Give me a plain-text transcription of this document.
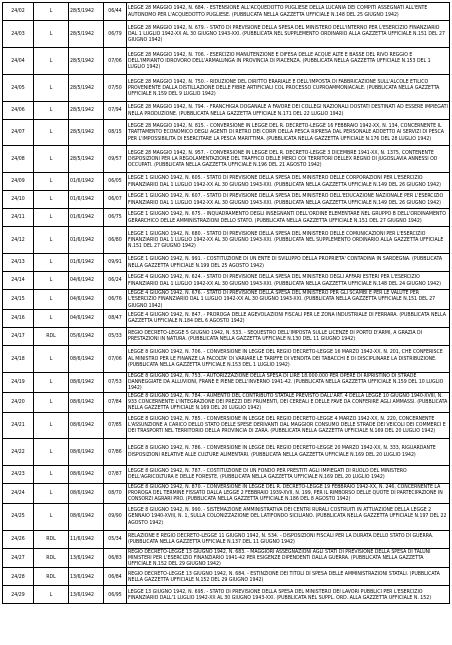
24/02	L	28/5/1942	06/44	LEGGE 28 MAGGIO 1942, N. 684. - ESTENSIONE ALL'ACQUEDOTTO PUGLIESE DELLA LUCANIA DEI COMPITI ASSEGNATI ALL'ENTE AUTONOMO PER L'ACQUEDOTTO PUGLIESE. (PUBBLICATA NELLA GAZZETTA UFFICIALE N.148 DEL 25 GIUGNO 1942)
24/03	L	28/5/1942	06/79	LEGGE 28 MAGGIO 1942, N. 679. - STATO DI PREVISIONE DELLA SPESA DEL MINISTERO DELL'INTERNO PER L'ESERCIZIO FINANZIARIO DAL 1 LUGLIO 1942-XX AL 30 GIUGNO 1943-XXI. (PUBBLICATA NEL SUPPLEMENTO ORDINARIO ALLA GAZZETTA UFFICIALE N.151 DEL 27 GIUGNO 1942)
24/04	L	28/5/1942	07/06	LEGGE 28 MAGGIO 1942, N. 706. - ESERCIZIO MANUTENZIONE E DIFESA DELLE ACQUE ALTE E BASSE DEL RIVO REGGIO E DELL'IMPIANTO IDROVORO DELL'ARMALUNGA IN PROVINCIA DI PIACENZA. (PUBBLICATA NELLA GAZZETTA UFFICIALE N.153 DEL 1 LUGLIO 1942)
24/05	L	28/5/1942	07/50	LEGGE 28 MAGGIO 1942, N. 750. - RIDUZIONE DEL DIRITTO ERARIALE E DELL'IMPOSTA DI FABBRICAZIONE SULL'ALCOLE ETILICO PROVENIENTE DALLA DISTILLAZIONE DELLE FIBRE ARTIFICIALI COL PROCESSO CUPROAMMONIACALE. (PUBBLICATA NELLA GAZZETTA UFFICIALE N.159 DEL 9 LUGLIO 1942)
24/06	L	28/5/1942	07/94	LEGGE 28 MAGGIO 1942, N. 794. - FRANCHIGIA DOGANALE A FAVORE DEI COLLEGI NAZIONALI DOSTATI DESTINATI AD ESSERE IMPIEGATI NELLA PRODUZIONE. (PUBBLICATA NELLA GAZZETTA UFFICIALE N.171 DEL 22 LUGLIO 1942)
24/07	L	28/5/1942	08/15	LEGGE 28 MAGGIO 1942, N. 815. - CONVERSIONE IN LEGGE DEL R. DECRETO-LEGGE 16 FEBBRAIO 1942-XX, N. 134, CONCERNENTE IL TRATTAMENTO ECONOMICO DEGLI AGENTI DI RETRO DEI CORPI DELLA PESCA RIPRESA DAL PERSONALE ADDETTO AI SERVIZI DI PESCA PER L'IMPOSSIBILITA DI ESERCITARE LA PESCA MARITTIMA. (PUBBLICATA NELLA GAZZETTA UFFICIALE N.176 DEL 28 LUGLIO 1942)
24/08	L	28/5/1942	09/57	LEGGE 28 MAGGIO 1942, N. 957. - CONVERSIONE IN LEGGE DEL R. DECRETO-LEGGE 3 DICEMBRE 1941-XX, N. 1375, CONTENENTE DISPOSIZIONI PER LA REGOLAMENTAZIONE DEL TRAFFICO DELLE MERCI COI TERRITORI DELLEX REGNO DI JUGOSLAVIA ANNESSI OD OCCUPATI. (PUBBLICATA NELLA GAZZETTA UFFICIALE N.196 DEL 21 AGOSTO 1942)
24/09	L	01/6/1942	06/05	LEGGE 1 GIUGNO 1942, N. 605. - STATO DI PREVISIONE DELLA SPESA DEL MINISTERO DELLE CORPORAZIONI PER L'ESERCIZIO FINANZIARIO DAL 1 LUGLIO 1942-XX AL 30 GIUGNO 1943-XXI. (PUBBLICATA NELLA GAZZETTA UFFICIALE N.149 DEL 26 GIUGNO 1942)
24/10	L	01/6/1942	06/07	LEGGE 1 GIUGNO 1942, N. 607. - STATO DI PREVISIONE DELLA SPESA DEL MINISTERO DELL'EDUCAZIONE NAZIONALE PER L'ESERCIZIO FINANZIARIO DAL 1 LUGLIO 1942-XX AL 30 GIUGNO 1943-XXI. (PUBBLICATA NELLA GAZZETTA UFFICIALE N.149 DEL 26 GIUGNO 1942)
24/11	L	01/6/1942	06/75	LEGGE 1 GIUGNO 1942, N. 675. - INQUADRAMENTO DEGLI INSEGNANTI DELL'ORDINE ELEMENTARE NEL GRUPPO B DELL'ORDINAMENTO GERARCHICO DELLE AMMINISTRAZIONI DELLO STATO. (PUBBLICATA NELLA GAZZETTA UFFICIALE N.151 DEL 27 GIUGNO 1942)
24/12	L	01/6/1942	06/80	LEGGE 1 GIUGNO 1942, N. 680. - STATO DI PREVISIONE DELLA SPESA DEL MINISTERO DELLE COMUNICAZIONI PER L'ESERCIZIO FINANZIARIO DAL 1 LUGLIO 1942-XX AL 30 GIUGNO 1943-XXI. (PUBBLICATA NEL SUPPLEMENTO ORDINARIO ALLA GAZZETTA UFFICIALE N.151 DEL 27 GIUGNO 1942)
24/13	L	01/6/1942	09/91	LEGGE 1 GIUGNO 1942, N. 991. - COSTITUZIONE DI UN ENTE DI SVILUPPO DELLA PROPRIETA' CONTADINA IN SARDEGNA. (PUBBLICATA NELLA GAZZETTA UFFICIALE N.199 DEL 25 AGOSTO 1942)
24/14	L	04/6/1942	06/24	LEGGE 4 GIUGNO 1942, N. 624. - STATO DI PREVISIONE DELLA SPESA DEL MINISTERO DEGLI AFFARI ESTERI PER L'ESERCIZIO FINANZIARIO DAL 1 LUGLIO 1942-XX AL 30 GIUGNO 1943-XXI. (PUBBLICATA NELLA GAZZETTA UFFICIALE N.148 DEL 24 GIUGNO 1942)
24/15	L	04/6/1942	06/76	LEGGE 4 GIUGNO 1942, N. 676. - STATO DI PREVISIONE DELLA SPESA DEL MINISTERO PER GLI SCAMBI E PER LE VALUTE PER L'ESERCIZIO FINANZIARIO DAL 1 LUGLIO 1942-XX AL 30 GIUGNO 1943-XXI. (PUBBLICATA NELLA GAZZETTA UFFICIALE N.151 DEL 27 GIUGNO 1942)
24/16	L	04/6/1942	08/47	LEGGE 4 GIUGNO 1942, N. 847. - PROROGA DELLE AGEVOLAZIONI FISCALI PER LE ZONA INDUSTRIALE DI FERRARA. (PUBBLICATA NELLA GAZZETTA UFFICIALE N.184 DEL 6 AGOSTO 1942)
24/17	RDL	05/6/1942	05/33	REGIO DECRETO-LEGGE 5 GIUGNO 1942, N. 533. - SEQUESTRO DELL'IMPOSTA SULLE LICENZE DI PORTO D'ARMI, A GRAZIA DI PRESTAZIONI IN NATURA. (PUBBLICATA NELLA GAZZETTA UFFICIALE N.130 DEL 11 GIUGNO 1942)
24/18	L	08/6/1942	07/06	LEGGE 8 GIUGNO 1942, N. 706. - CONVERSIONE IN LEGGE DEL REGIO DECRETO-LEGGE 16 MARZO 1942-XX, N. 201, CHE CONFERISCE AL MINISTRO PER LE FINANZE LA FACOLTA' DI VARIARE LE TARIFFE DI VENDITA DEI TABACCHI E DI DISCIPLINARE LA DISTRIBUZIONE. (PUBBLICATA NELLA GAZZETTA UFFICIALE N.153 DEL 1 LUGLIO 1942)
24/19	L	08/6/1942	07/53	LEGGE 8 GIUGNO 1942, N. 753. - AUTORIZZAZIONE DELLA SPESA DI LIRE 18.000.000 PER OPERE DI RIPRISTINO DI STRADE DANNEGGIATE DA ALLUVIONI, FRANE E PIENE DELL'INVERNO 1941-42. (PUBBLICATA NELLA GAZZETTA UFFICIALE N.159 DEL 10 LUGLIO 1942)
24/20	L	08/6/1942	07/84	LEGGE 8 GIUGNO 1942, N. 784. - AUMENTO DEL CONTRIBUTO STATALE PREVISTO DALL'ART. 4 DELLA LEGGE 10 GIUGNO 1940-XVIII, N. 933 CONCERNENTE L'INTEGRAZIONE DEI PREZZI DEI FRUMENTI, DEI CEREALI E DELLE FAVE DA CONFERIRE AGLI AMMASSI. (PUBBLICATA NELLA GAZZETTA UFFICIALE N.169 DEL 20 LUGLIO 1942)
24/21	L	08/6/1942	07/85	LEGGE 8 GIUGNO 1942, N. 785. - CONVERSIONE IN LEGGE DEL REGIO DECRETO-LEGGE 4 MARZO 1942-XX, N. 220, CONCERNENTE L'ASSUNZIONE A CARICO DELLO STATO DELLE SPESE DERIVANTI DAL MAGGIOR CONSUMO DELLE STRADE DEI VEICOLI DEI COMMERCI E DEI TRASPORTI NEL TERRITORIO DELLA PROVINCIA DI ZARA. (PUBBLICATA NELLA GAZZETTA UFFICIALE N.169 DEL 20 LUGLIO 1942)
24/22	L	08/6/1942	07/86	LEGGE 8 GIUGNO 1942, N. 786. - CONVERSIONE IN LEGGE DEL REGIO DECRETO-LEGGE 20 MARZO 1942-XX, N. 333, RIGUARDANTE DISPOSIZIONI RELATIVE ALLE CULTURE ALIMENTARI. (PUBBLICATA NELLA GAZZETTA UFFICIALE N.169 DEL 20 LUGLIO 1942)
24/23	L	08/6/1942	07/87	LEGGE 8 GIUGNO 1942, N. 787. - COSTITUZIONE DI UN FONDO PER PRESTITI AGLI IMPIEGATI DI RUOLO DEL MINISTERO DELL'AGRICOLTURA E DELLE FORESTE. (PUBBLICATA NELLA GAZZETTA UFFICIALE N.169 DEL 20 LUGLIO 1942)
24/24	L	08/6/1942	08/70	LEGGE 8 GIUGNO 1942, N. 870. - CONVERSIONE IN LEGGE DEL R. DECRETO-LEGGE 19 FEBBRAIO 1942-XX, N. 246, CONCERNENTE LA PROROGA DEL TERMINE FISSATO DALLA LEGGE 2 FEBBRAIO 1939-XVII, N. 199, PER IL RIMBORSO DELLE QUOTE DI PARTECIPAZIONE IN CONSORZI AGRARI PRO. (PUBBLICATA NELLA GAZZETTA UFFICIALE N.186 DEL 8 AGOSTO 1942)
24/25	L	08/6/1942	09/90	LEGGE 8 GIUGNO 1942, N. 990. - SISTEMAZIONE AMMINISTRATIVA DEI CENTRI RURALI COSTRUITI IN ATTUAZIONE DELLA LEGGE 2 GENNAIO 1940-XVIII, N. 1, SULLA COLONIZZAZIONE DEL LATIFONDO SICILIANO. (PUBBLICATA NELLA GAZZETTA UFFICIALE N.197 DEL 22 AGOSTO 1942)
24/26	RDL	11/6/1942	05/34	RELAZIONE E REGIO DECRETO-LEGGE 11 GIUGNO 1942, N. 534. - DISPOSIZIONI FISCALI PER LA DURATA DELLO STATO DI GUERRA. (PUBBLICATA NELLA GAZZETTA UFFICIALE N.137 DEL 11 GIUGNO 1942)
24/27	RDL	13/6/1942	06/83	REGIO DECRETO-LEGGE 13 GIUGNO 1942, N. 683. - MAGGIORI ASSEGNAZIONI AGLI STATI DI PREVISIONE DELLA SPESA DI TALUNI MINISTERI PER L'ESERCIZIO FINANZIARIO 1941-42 PER ESIGENZE DIPENDENTI DALLA GUERRA. (PUBBLICATA NELLA GAZZETTA UFFICIALE N.152 DEL 29 GIUGNO 1942)
24/28	RDL	13/6/1942	06/84	REGIO DECRETO-LEGGE 13 GIUGNO 1942, N. 684. - ESTINZIONE DEI TITOLI DI SPESA DELLE AMMINISTRAZIONI STATALI. (PUBBLICATA NELLA GAZZETTA UFFICIALE N.152 DEL 29 GIUGNO 1942)
24/29	L	13/6/1942	06/95	LEGGE 13 GIUGNO 1942, N. 695. - STATO DI PREVISIONE DELLA SPESA DEL MINISTERO DEI LAVORI PUBBLICI PER L'ESERCIZIO FINANZIARIO DALL'1 LUGLIO 1942-XX AL 30 GIUGNO 1943-XXI. (PUBBLICATA NEL SUPPL. ORD. ALLA GAZZETTA UFFICIALE N. 152)
